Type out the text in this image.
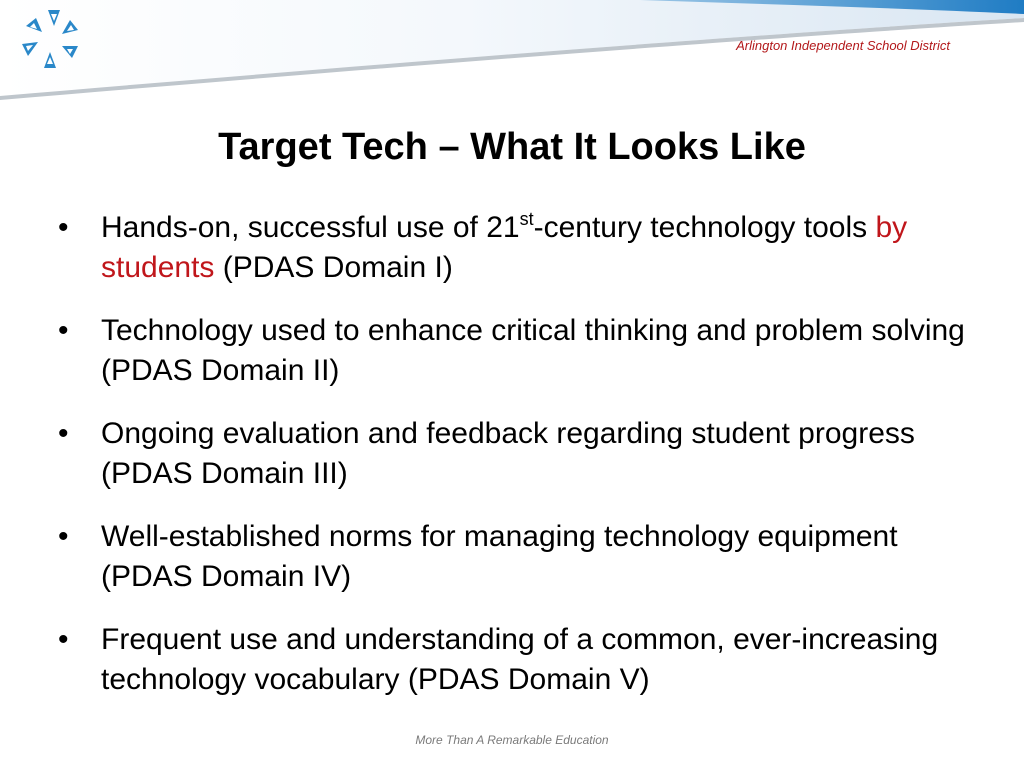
Arlington Independent School District
Target Tech – What It Looks Like
•	Hands-on, successful use of 21st-century technology tools by students (PDAS Domain I)
•	Technology used to enhance critical thinking and problem solving (PDAS Domain II)
•	Ongoing evaluation and feedback regarding student progress (PDAS Domain III)
•	Well-established norms for managing technology equipment (PDAS Domain IV)
•	Frequent use and understanding of a common, ever-increasing technology vocabulary (PDAS Domain V)
More Than A Remarkable Education
